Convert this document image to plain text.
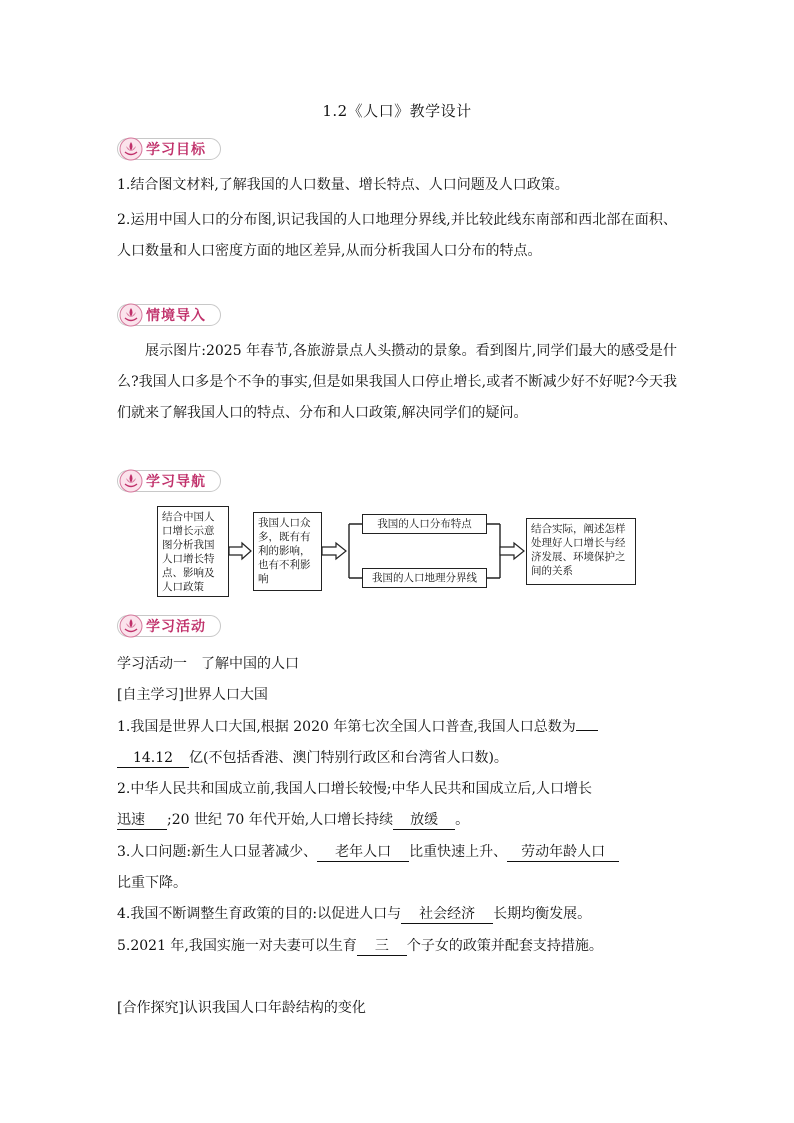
1.2《人口》教学设计
学习目标
1.结合图文材料,了解我国的人口数量、增长特点、人口问题及人口政策。

2.运用中国人口的分布图,识记我国的人口地理分界线,并比较此线东南部和西北部在面积、人口数量和人口密度方面的地区差异,从而分析我国人口分布的特点。

情境导入

展示图片:2025 年春节,各旅游景点人头攒动的景象。看到图片,同学们最大的感受是什么?我国人口多是个不争的事实,但是如果我国人口停止增长,或者不断减少好不好呢?今天我们就来了解我国人口的特点、分布和人口政策,解决同学们的疑问。

学习导航
结合中国人口增长示意图分析我国人口增长特点、影响及人口政策
我国人口众多，既有有利的影响，也有不利影响
我国的人口分布特点
我国的人口地理分界线
结合实际，阐述怎样处理好人口增长与经济发展、环境保护之间的关系
学习活动
学习活动一　了解中国的人口
[自主学习]世界人口大国
1.我国是世界人口大国,根据 2020 年第七次全国人口普查,我国人口总数为
14.12 亿(不包括香港、澳门特别行政区和台湾省人口数)。
2.中华人民共和国成立前,我国人口增长较慢;中华人民共和国成立后,人口增长
迅速 ;20 世纪 70 年代开始,人口增长持续 放缓 。
3.人口问题:新生人口显著减少、 老年人口 比重快速上升、 劳动年龄人口
比重下降。
4.我国不断调整生育政策的目的:以促进人口与 社会经济 长期均衡发展。
5.2021 年,我国实施一对夫妻可以生育 三 个子女的政策并配套支持措施。
[合作探究]认识我国人口年龄结构的变化
